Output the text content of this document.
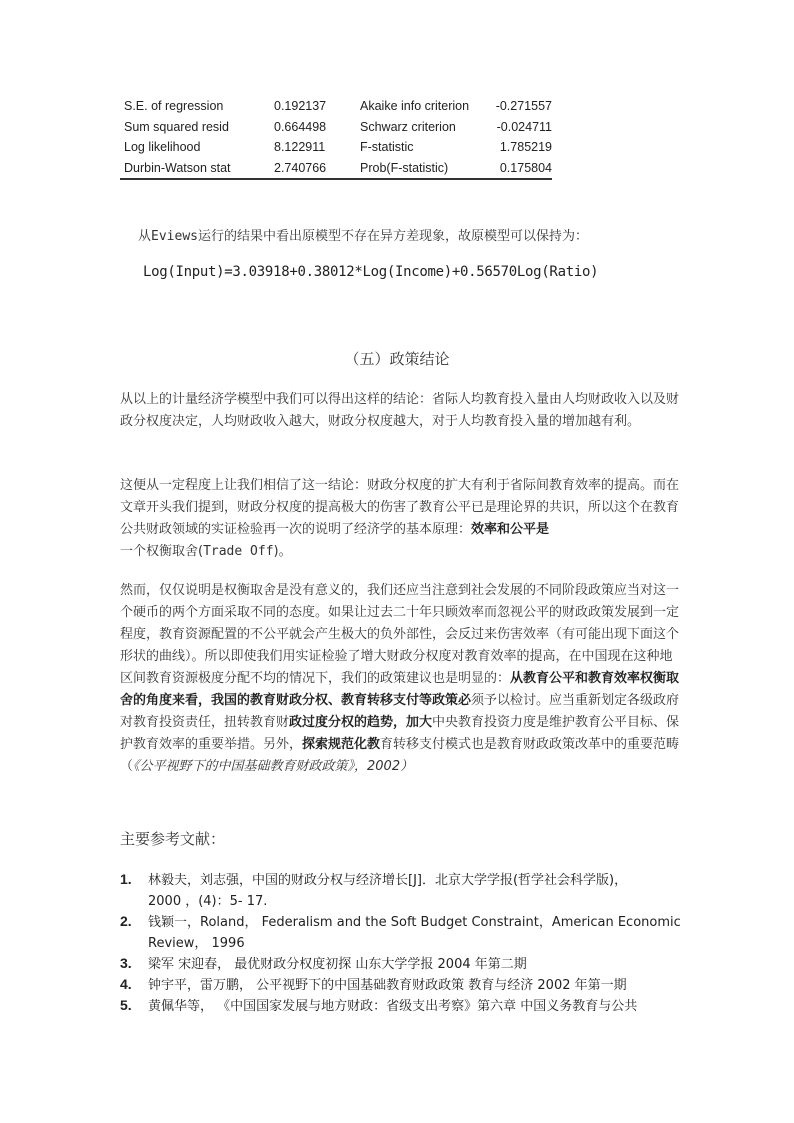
S.E. of regression	0.192137	Akaike info criterion	-0.271557
Sum squared resid	0.664498	Schwarz criterion	-0.024711
Log likelihood	8.122911	F-statistic	1.785219
Durbin-Watson stat	2.740766	Prob(F-statistic)	0.175804
从Eviews运行的结果中看出原模型不存在异方差现象，故原模型可以保持为：
Log(Input)=3.03918+0.38012*Log(Income)+0.56570Log(Ratio)
（五）政策结论
从以上的计量经济学模型中我们可以得出这样的结论：省际人均教育投入量由人均财政收入以及财政分权度决定，人均财政收入越大，财政分权度越大，对于人均教育投入量的增加越有利。
这便从一定程度上让我们相信了这一结论：财政分权度的扩大有利于省际间教育效率的提高。而在文章开头我们提到，财政分权度的提高极大的伤害了教育公平已是理论界的共识，所以这个在教育公共财政领域的实证检验再一次的说明了经济学的基本原理：效率和公平是
一个权衡取舍(Trade Off)。
然而，仅仅说明是权衡取舍是没有意义的，我们还应当注意到社会发展的不同阶段政策应当对这一个硬币的两个方面采取不同的态度。如果让过去二十年只顾效率而忽视公平的财政政策发展到一定程度，教育资源配置的不公平就会产生极大的负外部性，会反过来伤害效率（有可能出现下面这个形状的曲线）。所以即使我们用实证检验了增大财政分权度对教育效率的提高，在中国现在这种地区间教育资源极度分配不均的情况下，我们的政策建议也是明显的：从教育公平和教育效率权衡取舍的角度来看，我国的教育财政分权、教育转移支付等政策必须予以检讨。应当重新划定各级政府对教育投资责任，扭转教育财政过度分权的趋势，加大中央教育投资力度是维护教育公平目标、保护教育效率的重要举措。另外，探索规范化教育转移支付模式也是教育财政政策改革中的重要范畴（《公平视野下的中国基础教育财政政策》，2002）
主要参考文献：
1. 林毅夫，刘志强，中国的财政分权与经济增长[J]．北京大学学报(哲学社会科学版)，
2000 ，(4)：5- 17.
2. 钱颖一，Roland， Federalism and the Soft Budget Constraint，American Economic
Review， 1996
3. 梁军 宋迎春， 最优财政分权度初探 山东大学学报 2004 年第二期
4. 钟宇平，雷万鹏， 公平视野下的中国基础教育财政政策 教育与经济 2002 年第一期
5. 黄佩华等， 《中国国家发展与地方财政：省级支出考察》第六章 中国义务教育与公共
